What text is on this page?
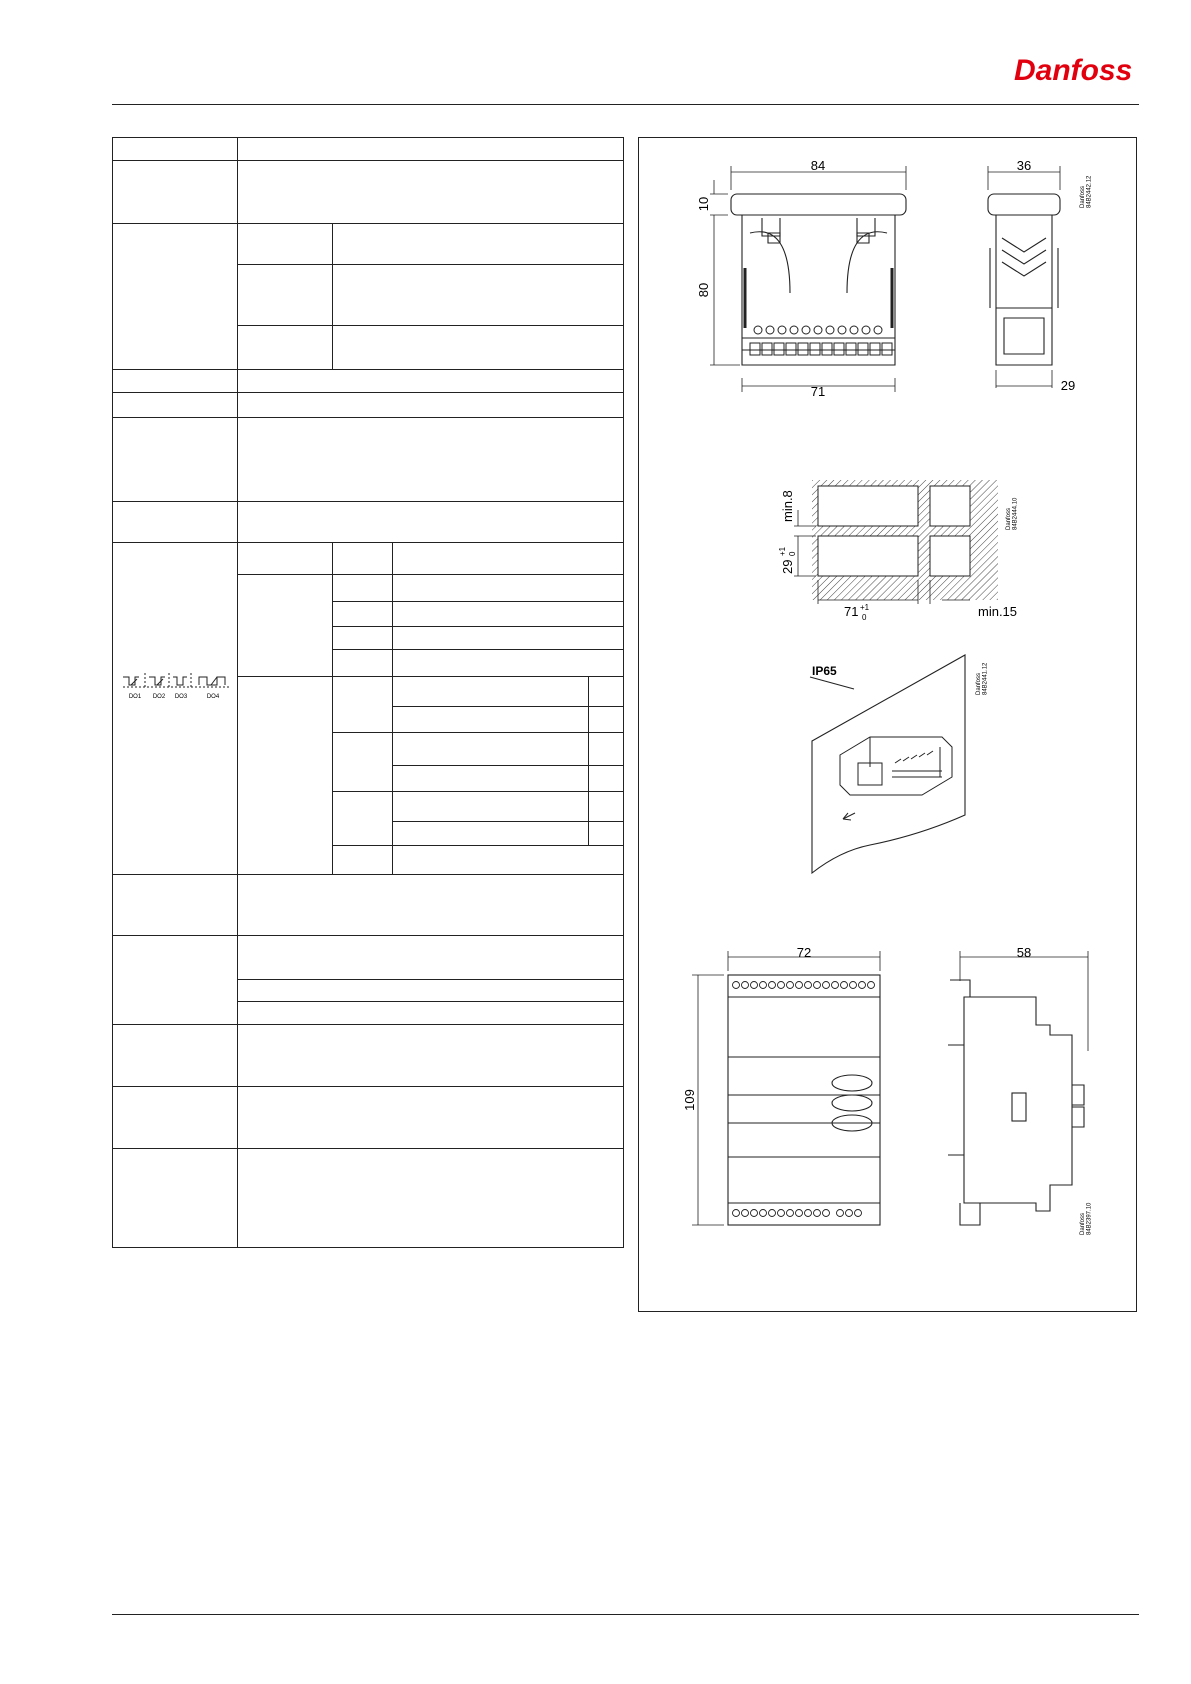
Danfoss
DO1 DO2 DO3	DO4
84
10
80
71
36
29
Danfoss84B2442.12
min.8
29
+1 0
71 +1
0	min.15
Danfoss84B2444.10
IP65
Danfoss84B2441.12
72
109
58
Danfoss84B2397.10
